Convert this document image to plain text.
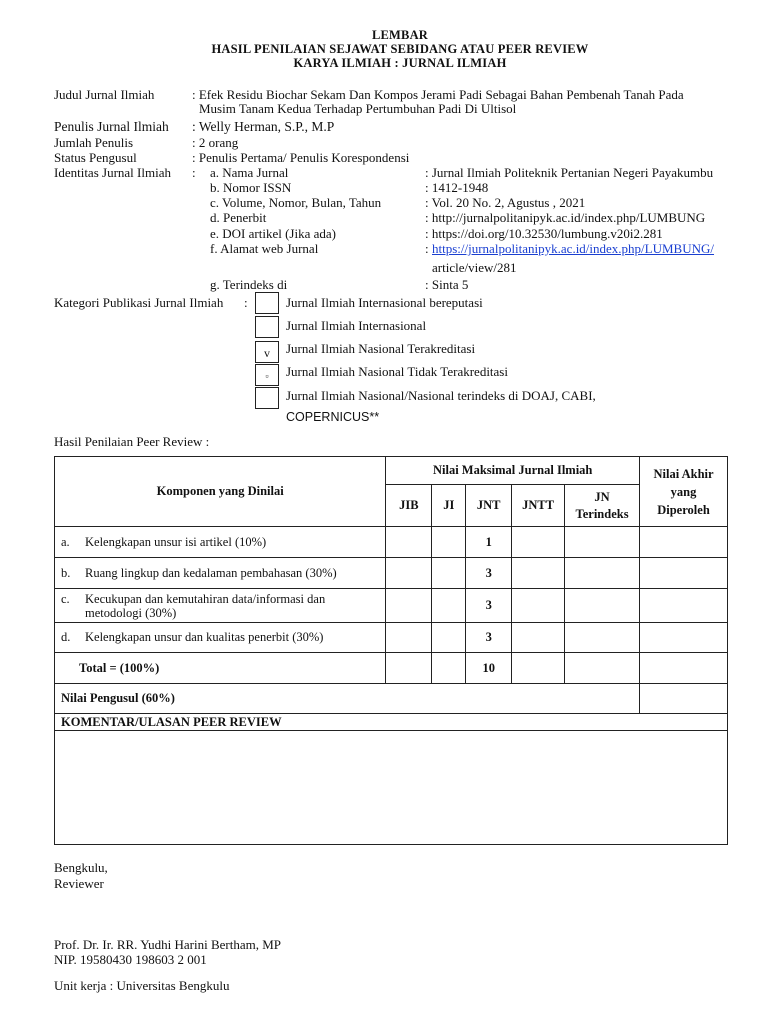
LEMBAR
HASIL PENILAIAN SEJAWAT SEBIDANG ATAU PEER REVIEW
KARYA ILMIAH : JURNAL ILMIAH
Judul Jurnal Ilmiah	: Efek Residu Biochar Sekam Dan Kompos Jerami Padi Sebagai Bahan Pembenah Tanah Pada
Musim Tanam Kedua Terhadap Pertumbuhan Padi Di Ultisol
Penulis Jurnal Ilmiah : Welly Herman, S.P., M.P
Jumlah Penulis	: 2 orang
Status Pengusul	: Penulis Pertama/ Penulis Korespondensi
Identitas Jurnal Ilmiah : a. Nama Jurnal	: Jurnal Ilmiah Politeknik Pertanian Negeri Payakumbu
b. Nomor ISSN	: 1412-1948
c. Volume, Nomor, Bulan, Tahun	: Vol. 20 No. 2, Agustus , 2021
d. Penerbit	: http://jurnalpolitanipyk.ac.id/index.php/LUMBUNG
e. DOI artikel (Jika ada)	: https://doi.org/10.32530/lumbung.v20i2.281
f. Alamat web Jurnal	: https://jurnalpolitanipyk.ac.id/index.php/LUMBUNG/
article/view/281
g. Terindeks di	: Sinta 5
Kategori Publikasi Jurnal Ilmiah :	Jurnal Ilmiah Internasional bereputasi
Jurnal Ilmiah Internasional
v	Jurnal Ilmiah Nasional Terakreditasi
▫	Jurnal Ilmiah Nasional Tidak Terakreditasi
Jurnal Ilmiah Nasional/Nasional terindeks di DOAJ, CABI,
COPERNICUS**
Hasil Penilaian Peer Review :
Komponen yang Dinilai	Nilai Maksimal Jurnal Ilmiah					Nilai Akhir
yang
Diperoleh

	JIB	JI	JNT	JNTT	JN
Terindeks	

a. Kelengkapan unsur isi artikel (10%)			1			
b. Ruang lingkup dan kedalaman pembahasan (30%)			3			

c. Kecukupan dan kemutahiran data/informasi dan
metodologi (30%)			3			
d. Kelengkapan unsur dan kualitas penerbit (30%)			3			
Total = (100%)			10			
Nilai Pengusul (60%)						
KOMENTAR/ULASAN PEER REVIEW
Bengkulu,
Reviewer
Prof. Dr. Ir. RR. Yudhi Harini Bertham, MP
NIP. 19580430 198603 2 001
Unit kerja : Universitas Bengkulu
